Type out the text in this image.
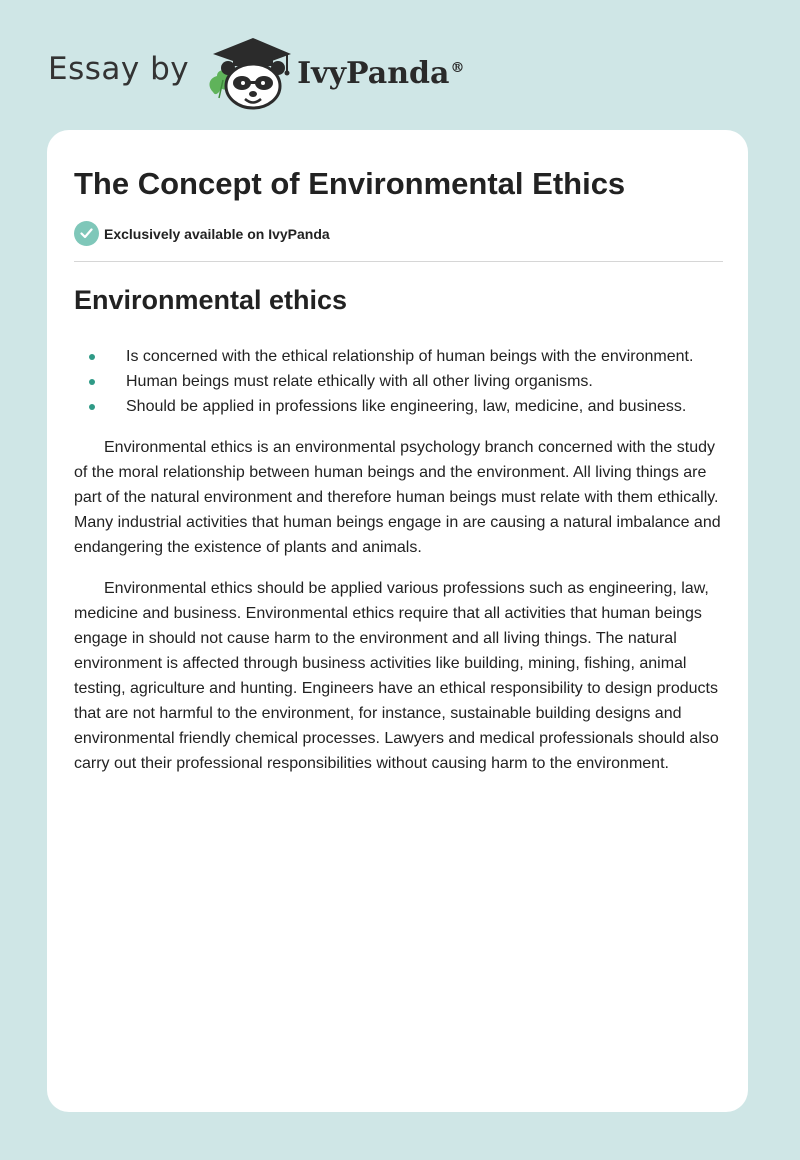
Essay by	IvyPanda®
The Concept of Environmental Ethics
Exclusively available on IvyPanda
Environmental ethics
Is concerned with the ethical relationship of human beings with the environment.
Human beings must relate ethically with all other living organisms.
Should be applied in professions like engineering, law, medicine, and business.

Environmental ethics is an environmental psychology branch concerned with the study of the moral relationship between human beings and the environment. All living things are part of the natural environment and therefore human beings must relate with them ethically. Many industrial activities that human beings engage in are causing a natural imbalance and endangering the existence of plants and animals.

Environmental ethics should be applied various professions such as engineering, law, medicine and business. Environmental ethics require that all activities that human beings engage in should not cause harm to the environment and all living things. The natural environment is affected through business activities like building, mining, fishing, animal testing, agriculture and hunting. Engineers have an ethical responsibility to design products that are not harmful to the environment, for instance, sustainable building designs and environmental friendly chemical processes. Lawyers and medical professionals should also carry out their professional responsibilities without causing harm to the environment.
